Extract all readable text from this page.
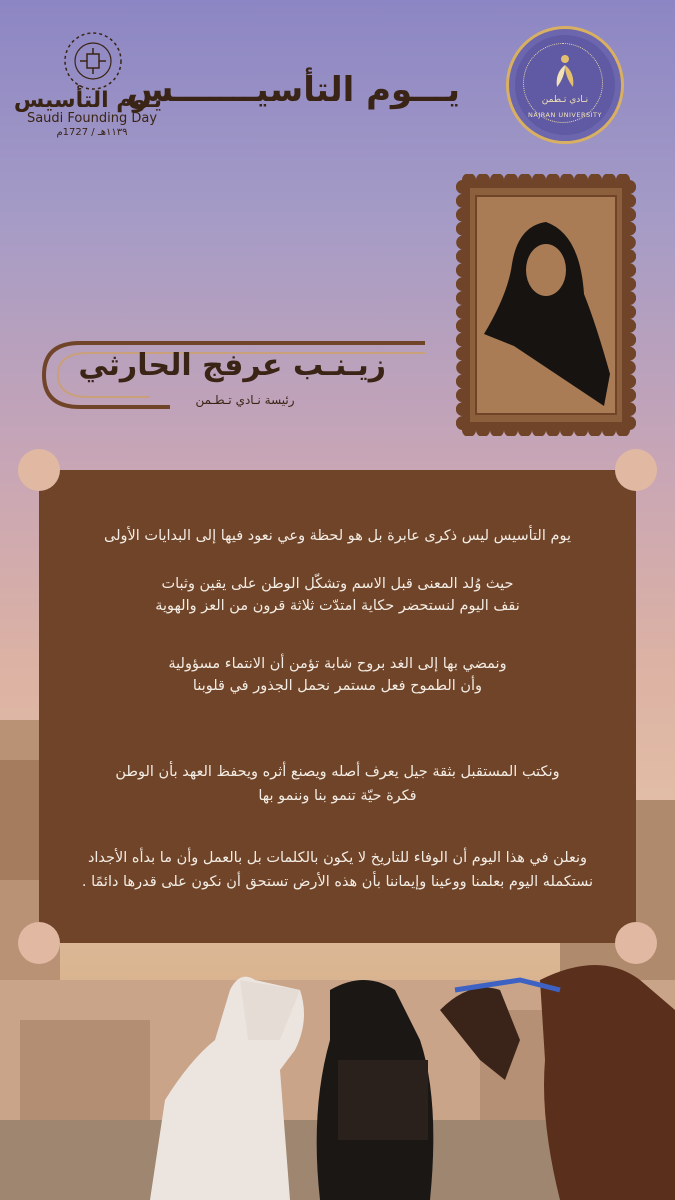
نـادي تـطمن
NAJRAN UNIVERSITY
يـــوم التأسيـــــــس
يـوم التأسيس
Saudi Founding Day
١١٣٩هـ / 1727م
زيـنـب عرفج الحارثي
رئيسة نـادي تـطـمن
يوم التأسيس ليس ذكرى عابرة بل هو لحظة وعي نعود فيها إلى البدايات الأولى
حيث وُلد المعنى قبل الاسم وتشكّل الوطن على يقين وثبات
نقف اليوم لنستحضر حكاية امتدّت ثلاثة قرون من العز والهوية
ونمضي بها إلى الغد بروح شابة تؤمن أن الانتماء مسؤولية
وأن الطموح فعل مستمر نحمل الجذور في قلوبنا
ونكتب المستقبل بثقة جيل يعرف أصله ويصنع أثره ويحفظ العهد بأن الوطن
فكرة حيّة تنمو بنا وننمو بها
ونعلن في هذا اليوم أن الوفاء للتاريخ لا يكون بالكلمات بل بالعمل وأن ما بدأه الأجداد
نستكمله اليوم بعلمنا ووعينا وإيماننا بأن هذه الأرض تستحق أن نكون على قدرها دائمًا .
